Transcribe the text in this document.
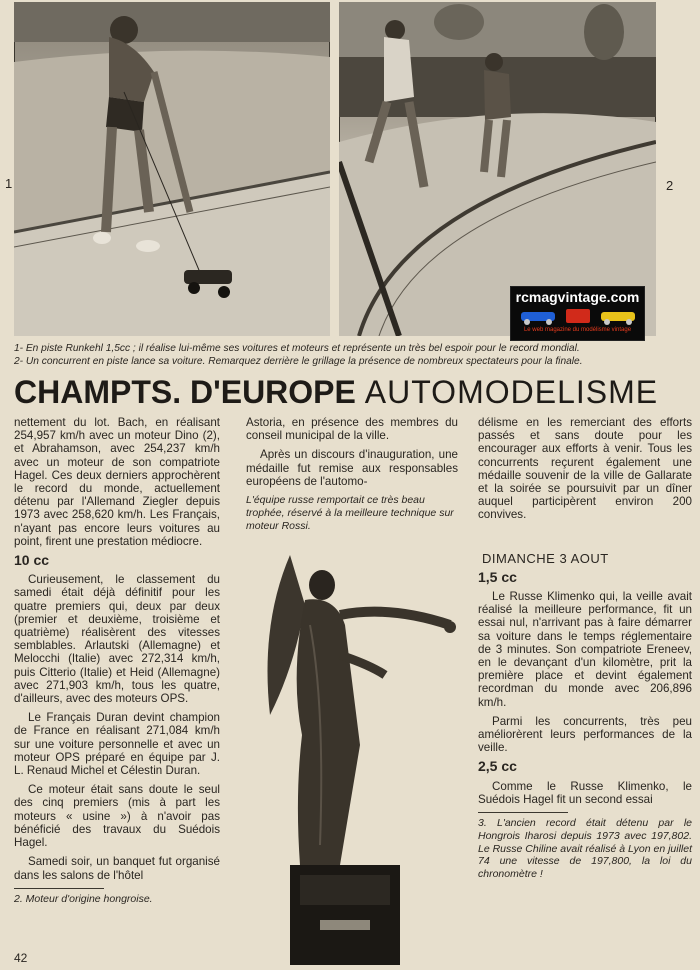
1	2
rcmagvintage.com
Le web magazine du modélisme vintage
1- En piste Runkehl 1,5cc ; il réalise lui-même ses voitures et moteurs et représente un très bel espoir pour le record mondial.
2- Un concurrent en piste lance sa voiture. Remarquez derrière le grillage la présence de nombreux spectateurs pour la finale.
CHAMPTS. D'EUROPE AUTOMODELISME

nettement du lot. Bach, en réalisant 254,957 km/h avec un moteur Dino (2), et Abrahamson, avec 254,237 km/h avec un moteur de son compatriote Hagel. Ces deux derniers approchèrent le record du monde, actuellement détenu par l'Allemand Ziegler depuis 1973 avec 258,620 km/h. Les Français, n'ayant pas encore leurs voitures au point, firent une prestation médiocre.

10 cc

Curieusement, le classement du samedi était déjà définitif pour les quatre premiers qui, deux par deux (premier et deuxième, troisième et quatrième) réalisèrent des vitesses semblables. Arlautski (Allemagne) et Melocchi (Italie) avec 272,314 km/h, puis Citterio (Italie) et Heid (Allemagne) avec 271,903 km/h, tous les quatre, d'ailleurs, avec des moteurs OPS.

Le Français Duran devint champion de France en réalisant 271,084 km/h sur une voiture personnelle et avec un moteur OPS préparé en équipe par J. L. Renaud Michel et Célestin Duran.

Ce moteur était sans doute le seul des cinq premiers (mis à part les moteurs « usine ») à n'avoir pas bénéficié des travaux du Suédois Hagel.

Samedi soir, un banquet fut organisé dans les salons de l'hôtel

2. Moteur d'origine hongroise.

Astoria, en présence des membres du conseil municipal de la ville.

Après un discours d'inauguration, une médaille fut remise aux responsables européens de l'automo-

L'équipe russe remportait ce très beau trophée, réservé à la meilleure technique sur moteur Rossi.

délisme en les remerciant des efforts passés et sans doute pour les encourager aux efforts à venir. Tous les concurrents reçurent également une médaille souvenir de la ville de Gallarate et la soirée se poursuivit par un dîner auquel participèrent environ 200 convives.

DIMANCHE 3 AOUT
1,5 cc

Le Russe Klimenko qui, la veille avait réalisé la meilleure performance, fit un essai nul, n'arrivant pas à faire démarrer sa voiture dans le temps réglementaire de 3 minutes. Son compatriote Ereneev, en le devançant d'un kilomètre, prit la première place et devint également recordman du monde avec 206,896 km/h.

Parmi les concurrents, très peu améliorèrent leurs performances de la veille.

2,5 cc

Comme le Russe Klimenko, le Suédois Hagel fit un second essai

3. L'ancien record était détenu par le Hongrois Iharosi depuis 1973 avec 197,802. Le Russe Chiline avait réalisé à Lyon en juillet 74 une vitesse de 197,800, la loi du chronomètre !
42
